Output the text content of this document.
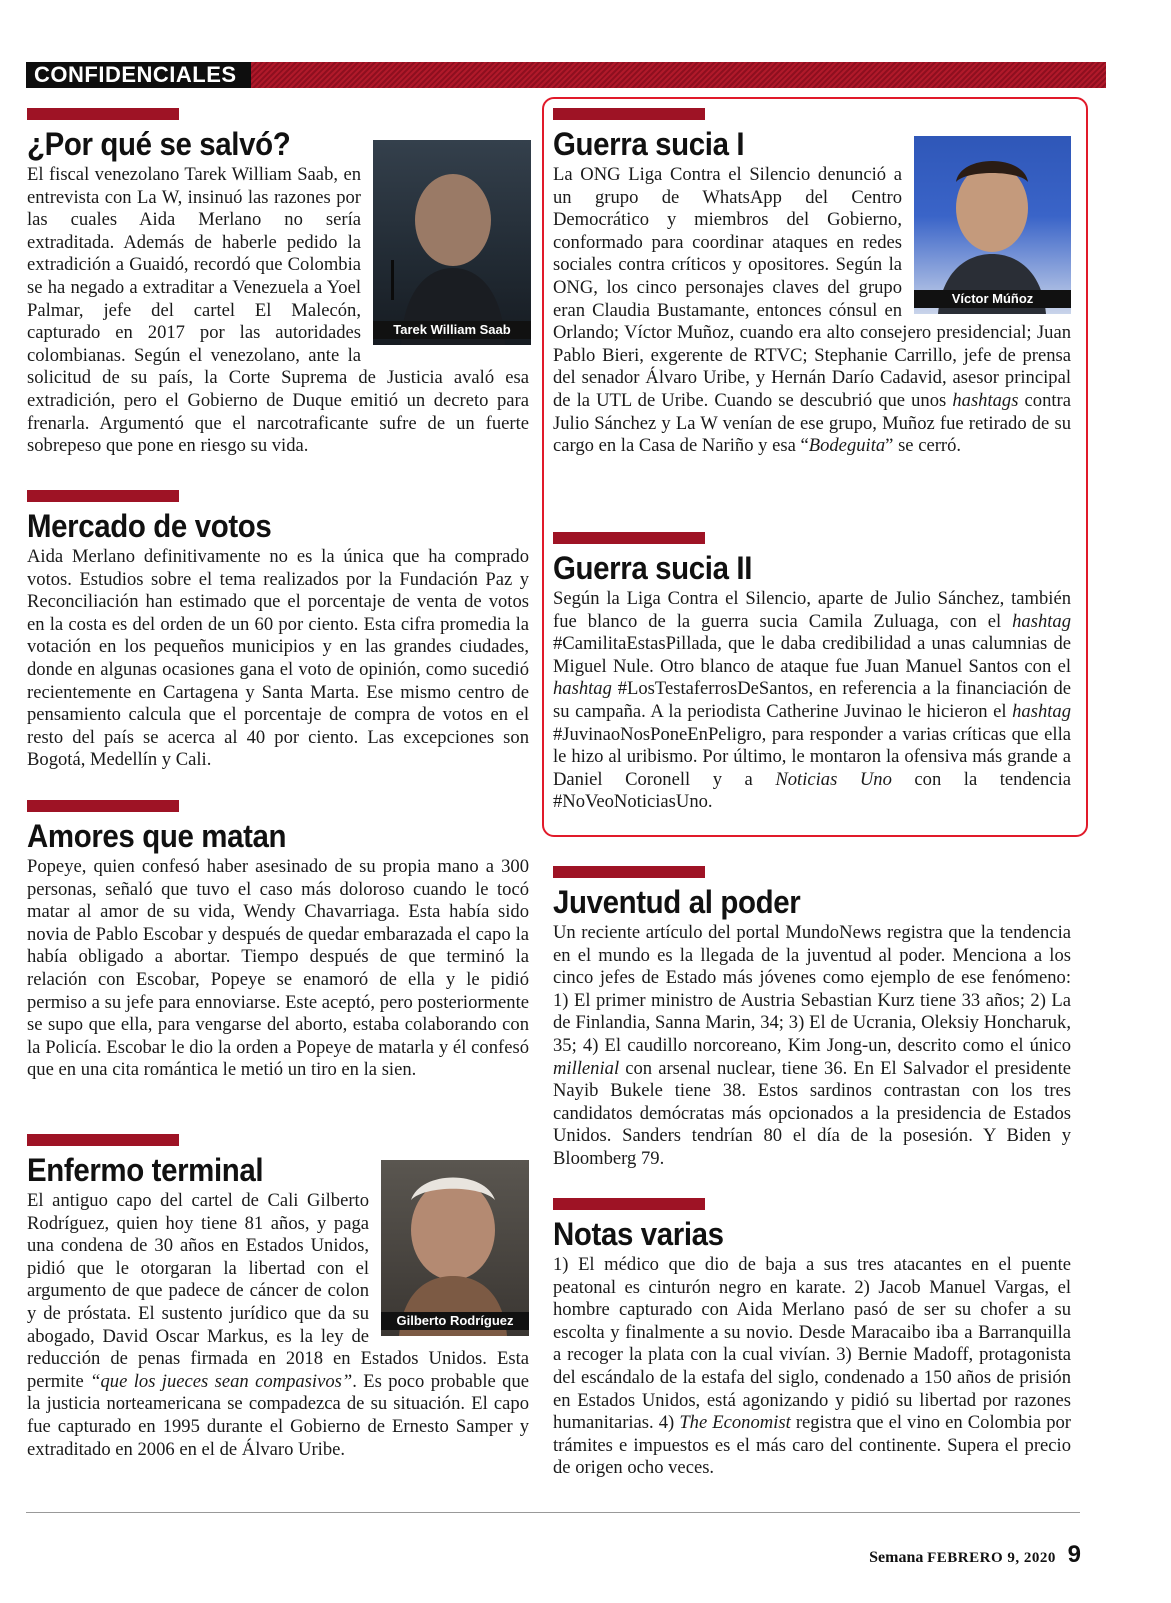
CONFIDENCIALES
Tarek William Saab
¿Por qué se salvó?

El fiscal venezolano Tarek William Saab, en entrevista con La W, insinuó las razones por las cuales Aida Merlano no sería extraditada. Además de haberle pedido la extradición a Guaidó, recordó que Colombia se ha negado a extraditar a Venezuela a Yoel Palmar, jefe del cartel El Malecón, capturado en 2017 por las autoridades colombianas. Según el venezolano, ante la solicitud de su país, la Corte Suprema de Justicia avaló esa extradición, pero el Gobierno de Duque emitió un decreto para frenarla. Argumentó que el narcotraficante sufre de un fuerte sobrepeso que pone en riesgo su vida.

Mercado de votos

Aida Merlano definitivamente no es la única que ha comprado votos. Estudios sobre el tema realizados por la Fundación Paz y Reconciliación han estimado que el porcentaje de venta de votos en la costa es del orden de un 60 por ciento. Esta cifra promedia la votación en los pequeños municipios y en las grandes ciudades, donde en algunas ocasiones gana el voto de opinión, como sucedió recientemente en Cartagena y Santa Marta. Ese mismo centro de pensamiento calcula que el porcentaje de compra de votos en el resto del país se acerca al 40 por ciento. Las excepciones son Bogotá, Medellín y Cali.

Amores que matan

Popeye, quien confesó haber asesinado de su propia mano a 300 personas, señaló que tuvo el caso más doloroso cuando le tocó matar al amor de su vida, Wendy Chavarriaga. Esta había sido novia de Pablo Escobar y después de quedar embarazada el capo la había obligado a abortar. Tiempo después de que terminó la relación con Escobar, Popeye se enamoró de ella y le pidió permiso a su jefe para ennoviarse. Este aceptó, pero posteriormente se supo que ella, para vengarse del aborto, estaba colaborando con la Policía. Escobar le dio la orden a Popeye de matarla y él confesó que en una cita romántica le metió un tiro en la sien.

Gilberto Rodríguez
Enfermo terminal

El antiguo capo del cartel de Cali Gilberto Rodríguez, quien hoy tiene 81 años, y paga una condena de 30 años en Estados Unidos, pidió que le otorgaran la libertad con el argumento de que padece de cáncer de colon y de próstata. El sustento jurídico que da su abogado, David Oscar Markus, es la ley de reducción de penas firmada en 2018 en Estados Unidos. Esta permite “que los jueces sean compasivos”. Es poco probable que la justicia norteamericana se compadezca de su situación. El capo fue capturado en 1995 durante el Gobierno de Ernesto Samper y extraditado en 2006 en el de Álvaro Uribe.

Víctor Múñoz
Guerra sucia I

La ONG Liga Contra el Silencio denunció a un grupo de WhatsApp del Centro Democrático y miembros del Gobierno, conformado para coordinar ataques en redes sociales contra críticos y opositores. Según la ONG, los cinco personajes claves del grupo eran Claudia Bustamante, entonces cónsul en Orlando; Víctor Muñoz, cuando era alto consejero presidencial; Juan Pablo Bieri, exgerente de RTVC; Stephanie Carrillo, jefe de prensa del senador Álvaro Uribe, y Hernán Darío Cadavid, asesor principal de la UTL de Uribe. Cuando se descubrió que unos hashtags contra Julio Sánchez y La W venían de ese grupo, Muñoz fue retirado de su cargo en la Casa de Nariño y esa “Bodeguita” se cerró.

Guerra sucia II

Según la Liga Contra el Silencio, aparte de Julio Sánchez, también fue blanco de la guerra sucia Camila Zuluaga, con el hashtag #CamilitaEstasPillada, que le daba credibilidad a unas calumnias de Miguel Nule. Otro blanco de ataque fue Juan Manuel Santos con el hashtag #LosTestaferrosDeSantos, en referencia a la financiación de su campaña. A la periodista Catherine Juvinao le hicieron el hashtag #JuvinaoNosPoneEnPeligro, para responder a varias críticas que ella le hizo al uribismo. Por último, le montaron la ofensiva más grande a Daniel Coronell y a Noticias Uno con la tendencia #NoVeoNoticiasUno.

Juventud al poder

Un reciente artículo del portal MundoNews registra que la tendencia en el mundo es la llegada de la juventud al poder. Menciona a los cinco jefes de Estado más jóvenes como ejemplo de ese fenómeno: 1) El primer ministro de Austria Sebastian Kurz tiene 33 años; 2) La de Finlandia, Sanna Marin, 34; 3) El de Ucrania, Oleksiy Honcharuk, 35; 4) El caudillo norcoreano, Kim Jong-un, descrito como el único millenial con arsenal nuclear, tiene 36. En El Salvador el presidente Nayib Bukele tiene 38. Estos sardinos contrastan con los tres candidatos demócratas más opcionados a la presidencia de Estados Unidos. Sanders tendrían 80 el día de la posesión. Y Biden y Bloomberg 79.

Notas varias

1) El médico que dio de baja a sus tres atacantes en el puente peatonal es cinturón negro en karate. 2) Jacob Manuel Vargas, el hombre capturado con Aida Merlano pasó de ser su chofer a su escolta y finalmente a su novio. Desde Maracaibo iba a Barranquilla a recoger la plata con la cual vivían. 3) Bernie Madoff, protagonista del escándalo de la estafa del siglo, condenado a 150 años de prisión en Estados Unidos, está agonizando y pidió su libertad por razones humanitarias. 4) The Economist registra que el vino en Colombia por trámites e impuestos es el más caro del continente. Supera el precio de origen ocho veces.

Semana FEBRERO 9, 2020 9
